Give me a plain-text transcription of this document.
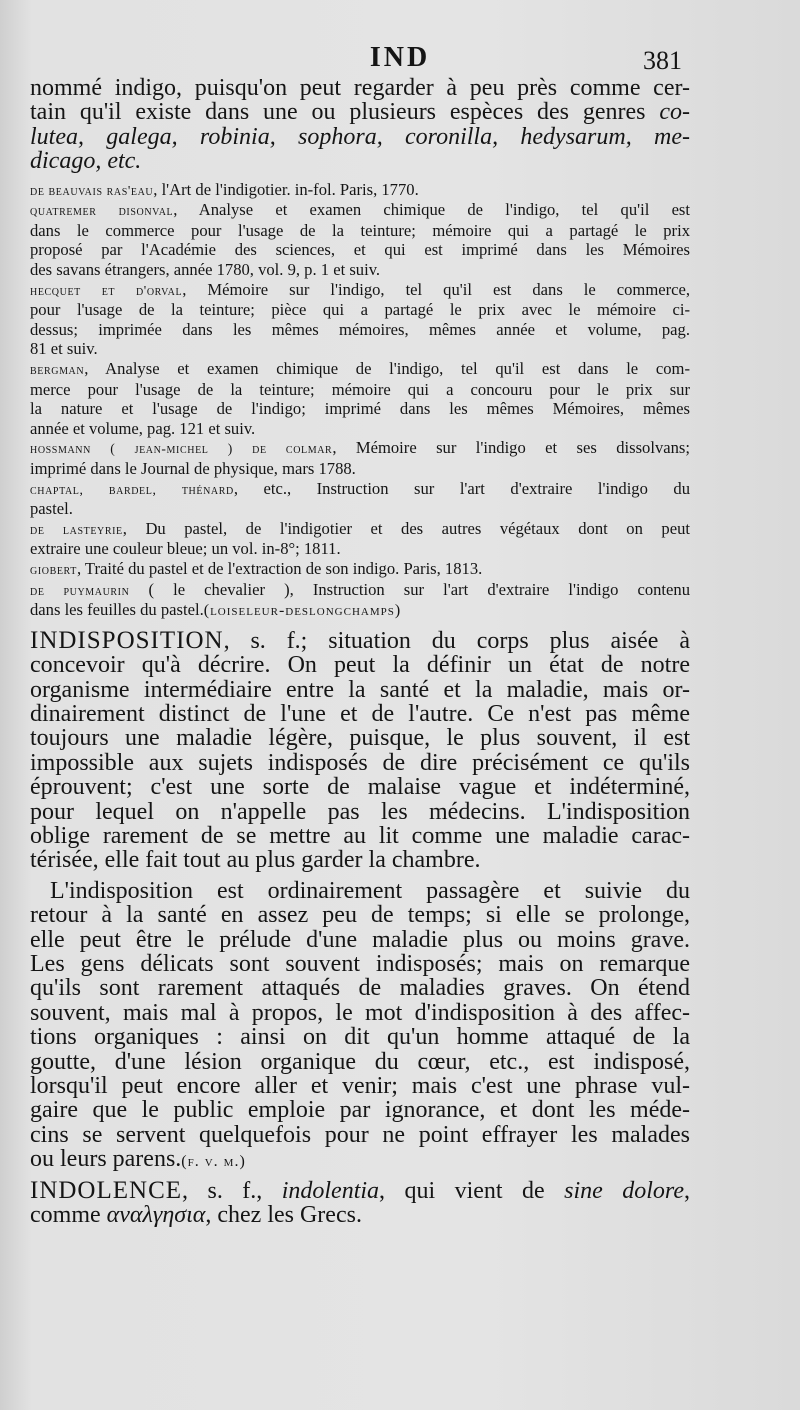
IND	381
nommé indigo, puisqu'on peut regarder à peu près comme cer-
tain qu'il existe dans une ou plusieurs espèces des genres co-
lutea, galega, robinia, sophora, coronilla, hedysarum, me-
dicago, etc.
de beauvais ras'eau, l'Art de l'indigotier. in-fol. Paris, 1770.
quatremer disonval, Analyse et examen chimique de l'indigo, tel qu'il est
dans le commerce pour l'usage de la teinture; mémoire qui a partagé le prix
proposé par l'Académie des sciences, et qui est imprimé dans les Mémoires
des savans étrangers, année 1780, vol. 9, p. 1 et suiv.
hecquet et d'orval, Mémoire sur l'indigo, tel qu'il est dans le commerce,
pour l'usage de la teinture; pièce qui a partagé le prix avec le mémoire ci-
dessus; imprimée dans les mêmes mémoires, mêmes année et volume, pag.
81 et suiv.
bergman, Analyse et examen chimique de l'indigo, tel qu'il est dans le com-
merce pour l'usage de la teinture; mémoire qui a concouru pour le prix sur
la nature et l'usage de l'indigo; imprimé dans les mêmes Mémoires, mêmes
année et volume, pag. 121 et suiv.
hossmann ( jean-michel ) de colmar, Mémoire sur l'indigo et ses dissolvans;
imprimé dans le Journal de physique, mars 1788.
chaptal, bardel, thénard, etc., Instruction sur l'art d'extraire l'indigo du
pastel.
de lasteyrie, Du pastel, de l'indigotier et des autres végétaux dont on peut
extraire une couleur bleue; un vol. in-8°; 1811.
giobert, Traité du pastel et de l'extraction de son indigo. Paris, 1813.
de puymaurin ( le chevalier ), Instruction sur l'art d'extraire l'indigo contenu
dans les feuilles du pastel.(loiseleur-deslongchamps)
INDISPOSITION, s. f.; situation du corps plus aisée à
concevoir qu'à décrire. On peut la définir un état de notre
organisme intermédiaire entre la santé et la maladie, mais or-
dinairement distinct de l'une et de l'autre. Ce n'est pas même
toujours une maladie légère, puisque, le plus souvent, il est
impossible aux sujets indisposés de dire précisément ce qu'ils
éprouvent; c'est une sorte de malaise vague et indéterminé,
pour lequel on n'appelle pas les médecins. L'indisposition
oblige rarement de se mettre au lit comme une maladie carac-
térisée, elle fait tout au plus garder la chambre.
L'indisposition est ordinairement passagère et suivie du
retour à la santé en assez peu de temps; si elle se prolonge,
elle peut être le prélude d'une maladie plus ou moins grave.
Les gens délicats sont souvent indisposés; mais on remarque
qu'ils sont rarement attaqués de maladies graves. On étend
souvent, mais mal à propos, le mot d'indisposition à des affec-
tions organiques : ainsi on dit qu'un homme attaqué de la
goutte, d'une lésion organique du cœur, etc., est indisposé,
lorsqu'il peut encore aller et venir; mais c'est une phrase vul-
gaire que le public emploie par ignorance, et dont les méde-
cins se servent quelquefois pour ne point effrayer les malades
ou leurs parens.(f. v. m.)
INDOLENCE, s. f., indolentia, qui vient de sine dolore,
comme αναλγησια, chez les Grecs.
